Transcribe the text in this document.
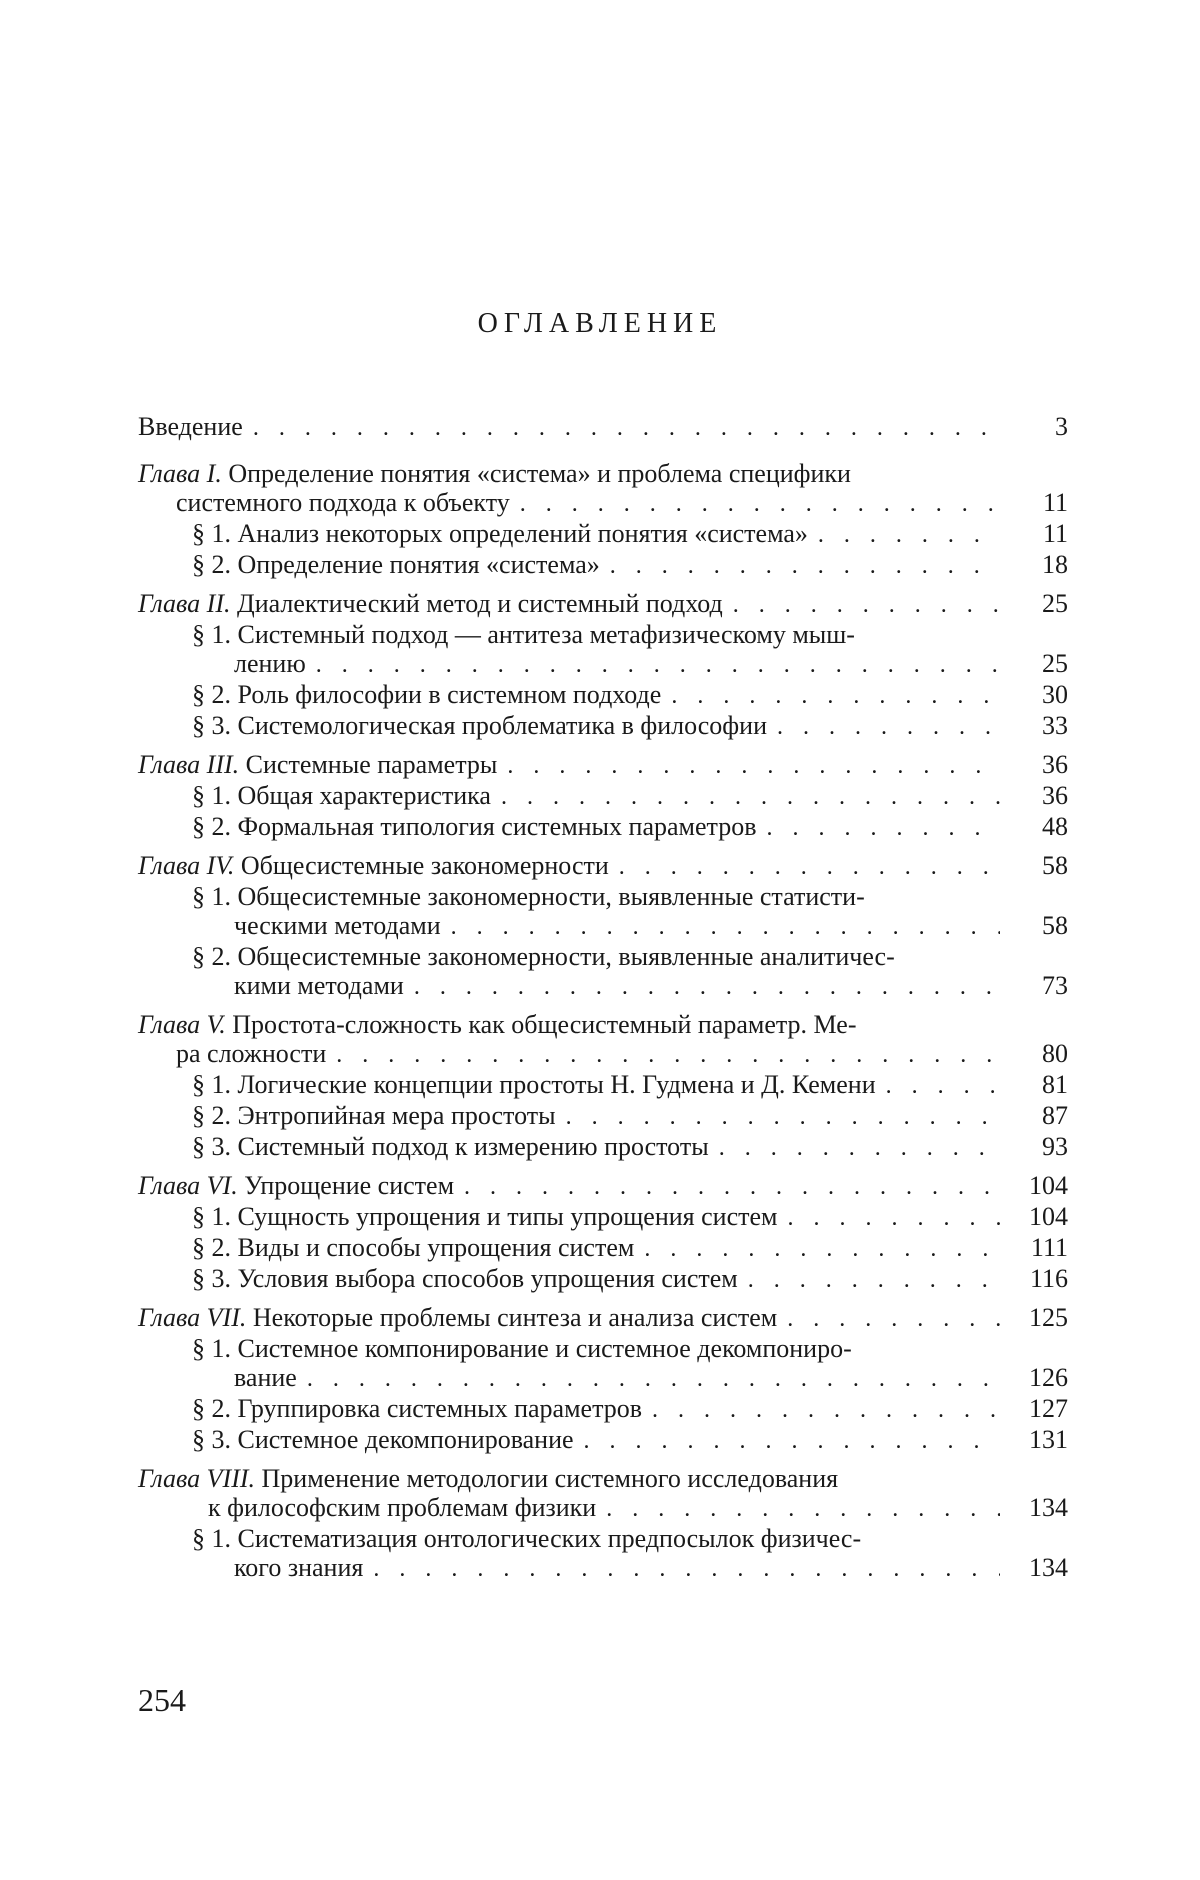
ОГЛАВЛЕНИЕ
Введение . . .	3
Глава I. Определение понятия «система» и проблема специфики
системного подхода к объекту . . .	11
§ 1. Анализ некоторых определений понятия «система» . . .	11
§ 2. Определение понятия «система» . . .	18
Глава II. Диалектический метод и системный подход . . .	25
§ 1. Системный подход — антитеза метафизическому мыш-
лению . . .	25
§ 2. Роль философии в системном подходе . . .	30
§ 3. Системологическая проблематика в философии . . .	33
Глава III. Системные параметры . . .	36
§ 1. Общая характеристика . . .	36
§ 2. Формальная типология системных параметров . . .	48
Глава IV. Общесистемные закономерности . . .	58
§ 1. Общесистемные закономерности, выявленные статисти-
ческими методами . . .	58
§ 2. Общесистемные закономерности, выявленные аналитичес-
кими методами . . .	73
Глава V. Простота-сложность как общесистемный параметр. Ме-
ра сложности . . .	80
§ 1. Логические концепции простоты Н. Гудмена и Д. Кемени . . .	81
§ 2. Энтропийная мера простоты . . .	87
§ 3. Системный подход к измерению простоты . . .	93
Глава VI. Упрощение систем . . .	104
§ 1. Сущность упрощения и типы упрощения систем . . .	104
§ 2. Виды и способы упрощения систем . . .	111
§ 3. Условия выбора способов упрощения систем . . .	116
Глава VII. Некоторые проблемы синтеза и анализа систем . . .	125
§ 1. Системное компонирование и системное декомпониро-
вание . . .	126
§ 2. Группировка системных параметров . . .	127
§ 3. Системное декомпонирование . . .	131
Глава VIII. Применение методологии системного исследования
к философским проблемам физики . . .	134
§ 1. Систематизация онтологических предпосылок физичес-
кого знания . . .	134
254
